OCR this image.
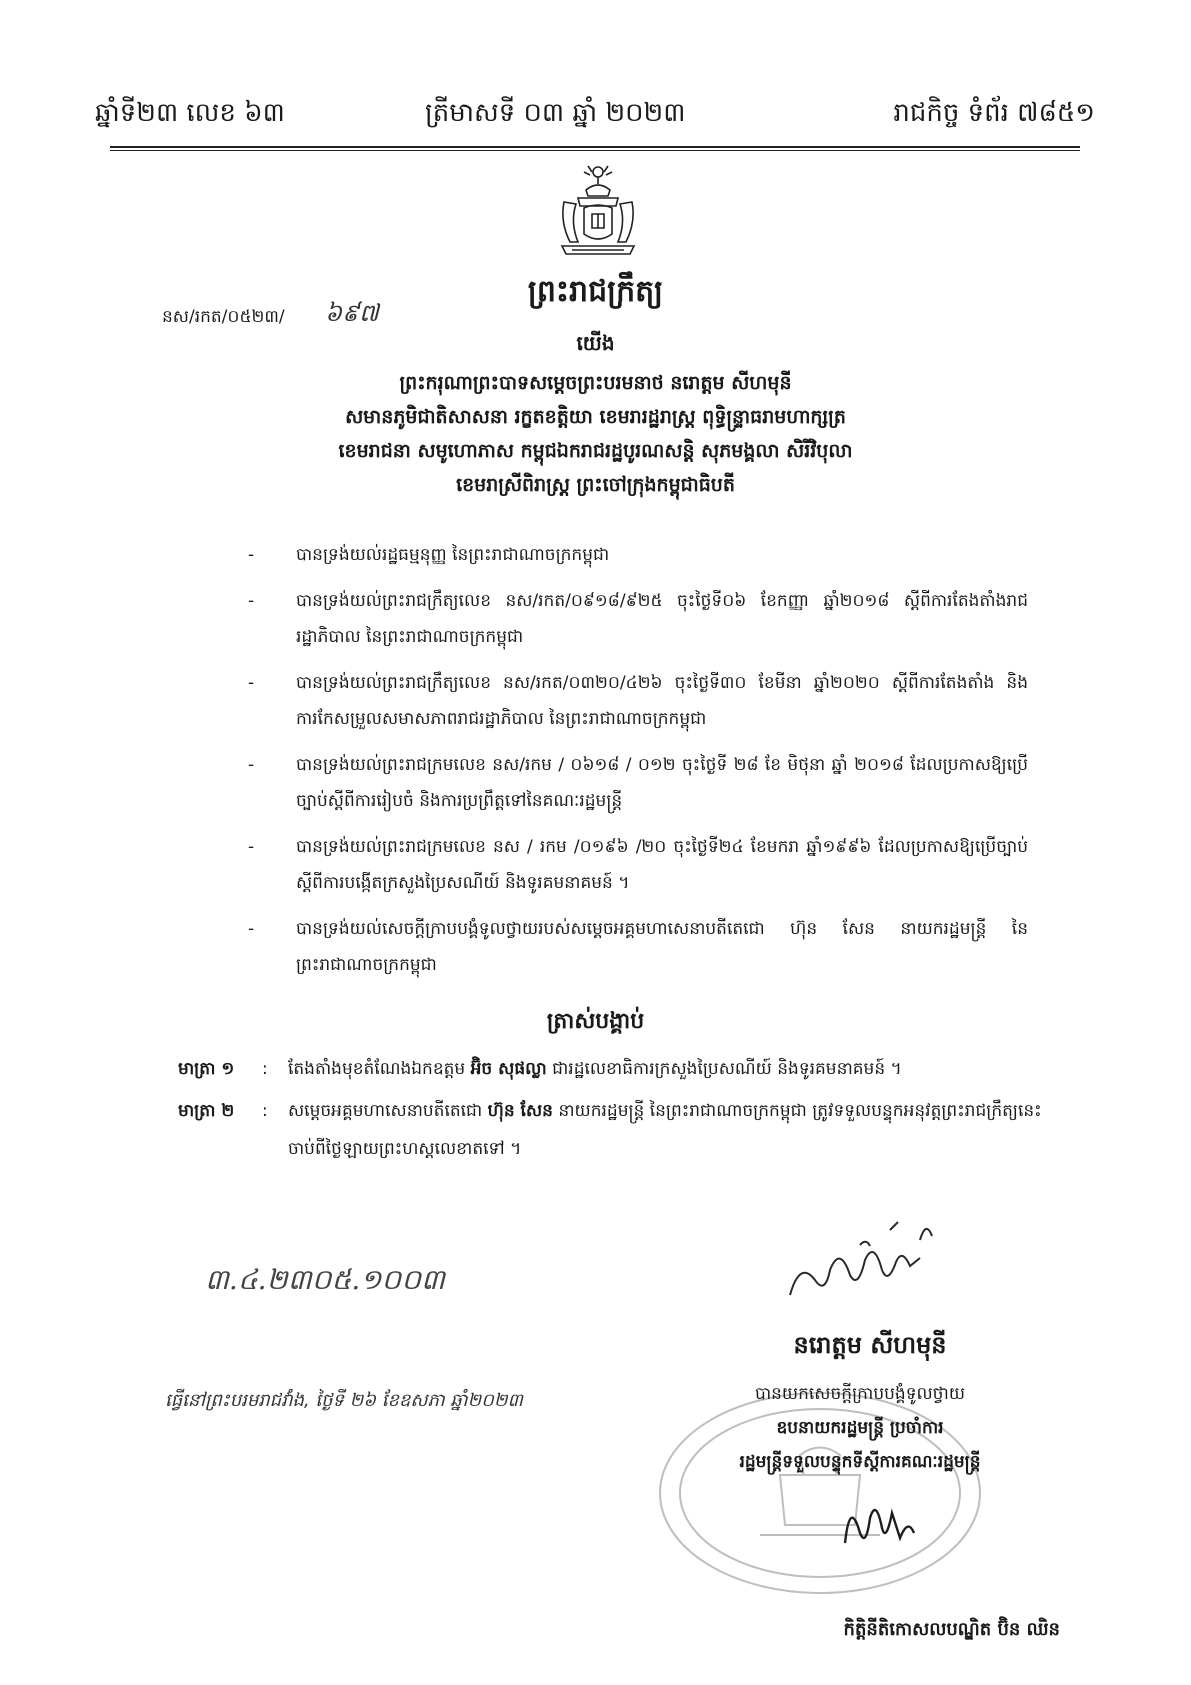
ឆ្នាំទី២៣ លេខ ៦៣	ត្រីមាសទី ០៣ ឆ្នាំ ២០២៣	រាជកិច្ច ទំព័រ ៧៨៥១
ព្រះរាជក្រឹត្យ
នស/រកត/០៥២៣/ ៦៩៧
យើង
ព្រះករុណាព្រះបាទសម្តេចព្រះបរមនាថ នរោត្តម សីហមុនី
សមានភូមិជាតិសាសនា រក្ខតខត្តិយា ខេមរារដ្ឋរាស្ត្រ ពុទ្ធិន្ទ្រាធរាមហាក្សត្រ
ខេមរាជនា សមូហោភាស កម្ពុជឯករាជរដ្ឋបូរណសន្តិ សុភមង្គលា សិរីវិបុលា
ខេមរាស្រីពិរាស្ត្រ ព្រះចៅក្រុងកម្ពុជាធិបតី
- បានទ្រង់យល់រដ្ឋធម្មនុញ្ញ នៃព្រះរាជាណាចក្រកម្ពុជា
- បានទ្រង់យល់ព្រះរាជក្រឹត្យលេខ នស/រកត/០៩១៨/៩២៥ ចុះថ្ងៃទី០៦ ខែកញ្ញា ឆ្នាំ២០១៨ ស្តីពីការតែងតាំងរាជរដ្ឋាភិបាល នៃព្រះរាជាណាចក្រកម្ពុជា
- បានទ្រង់យល់ព្រះរាជក្រឹត្យលេខ នស/រកត/០៣២០/៤២៦ ចុះថ្ងៃទី៣០ ខែមីនា ឆ្នាំ២០២០ ស្តីពីការតែងតាំង និងការកែសម្រួលសមាសភាពរាជរដ្ឋាភិបាល នៃព្រះរាជាណាចក្រកម្ពុជា
- បានទ្រង់យល់ព្រះរាជក្រមលេខ នស/រកម / ០៦១៨ / ០១២ ចុះថ្ងៃទី ២៨ ខែ មិថុនា ឆ្នាំ ២០១៨ ដែលប្រកាសឱ្យប្រើច្បាប់ស្តីពីការរៀបចំ និងការប្រព្រឹត្តទៅនៃគណៈរដ្ឋមន្ត្រី
- បានទ្រង់យល់ព្រះរាជក្រមលេខ នស / រកម /០១៩៦ /២០ ចុះថ្ងៃទី២៤ ខែមករា ឆ្នាំ១៩៩៦ ដែលប្រកាសឱ្យប្រើច្បាប់ស្តីពីការបង្កើតក្រសួងប្រៃសណីយ៍ និងទូរគមនាគមន៍ ។
- បានទ្រង់យល់សេចក្តីក្រាបបង្គំទូលថ្វាយរបស់សម្តេចអគ្គមហាសេនាបតីតេជោ ហ៊ុន សែន នាយករដ្ឋមន្ត្រី នៃព្រះរាជាណាចក្រកម្ពុជា
ត្រាស់បង្គាប់
មាត្រា ១ : តែងតាំងមុខតំណែងឯកឧត្តម អ៊ិច សុផល្លា ជារដ្ឋលេខាធិការក្រសួងប្រៃសណីយ៍ និងទូរគមនាគមន៍ ។
មាត្រា ២ : សម្តេចអគ្គមហាសេនាបតីតេជោ ហ៊ុន សែន នាយករដ្ឋមន្ត្រី នៃព្រះរាជាណាចក្រកម្ពុជា ត្រូវទទួលបន្ទុកអនុវត្តព្រះរាជក្រឹត្យនេះ ចាប់ពីថ្ងៃឡាយព្រះហស្តលេខាតទៅ ។
៣.៤.២៣០៥.១០០៣
ធ្វើនៅព្រះបរមរាជវាំង, ថ្ងៃទី ២៦ ខែឧសភា ឆ្នាំ២០២៣
នរោត្តម សីហមុនី
បានយកសេចក្តីក្រាបបង្គំទូលថ្វាយ
ឧបនាយករដ្ឋមន្ត្រី ប្រចាំការ
រដ្ឋមន្ត្រីទទួលបន្ទុកទីស្តីការគណៈរដ្ឋមន្ត្រី
កិត្តិនីតិកោសលបណ្ឌិត ប៊ិន ឈិន
